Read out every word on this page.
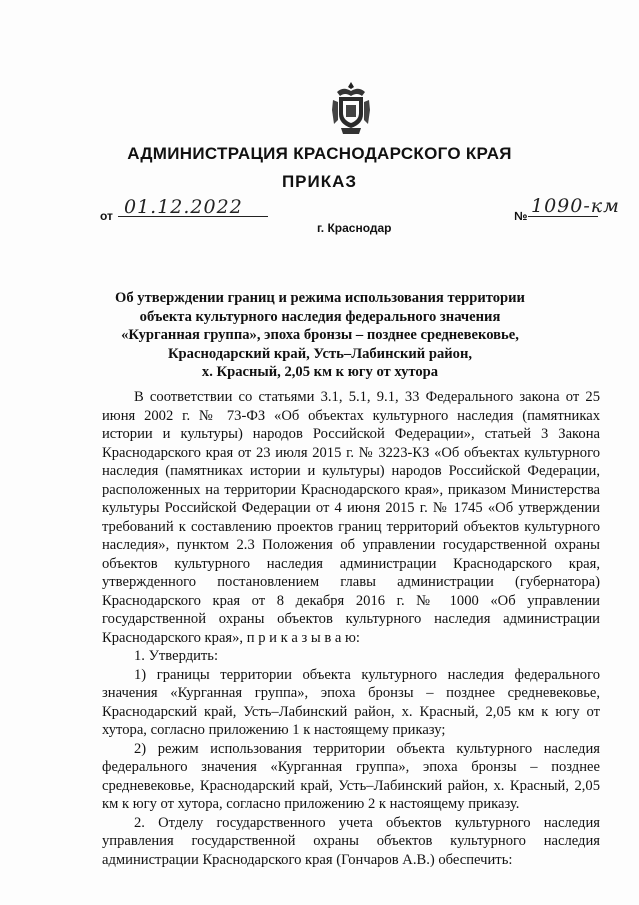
АДМИНИСТРАЦИЯ КРАСНОДАРСКОГО КРАЯ
ПРИКАЗ
от 01.12.2022
г. Краснодар
№ 1090-км
Об утверждении границ и режима использования территории
объекта культурного наследия федерального значения
«Курганная группа», эпоха бронзы – позднее средневековье,
Краснодарский край, Усть–Лабинский район,
х. Красный, 2,05 км к югу от хутора

В соответствии со статьями 3.1, 5.1, 9.1, 33 Федерального закона от 25 июня 2002 г. № 73-ФЗ «Об объектах культурного наследия (памятниках истории и культуры) народов Российской Федерации», статьей 3 Закона Краснодарского края от 23 июля 2015 г. № 3223-КЗ «Об объектах культурного наследия (памятниках истории и культуры) народов Российской Федерации, расположенных на территории Краснодарского края», приказом Министерства культуры Российской Федерации от 4 июня 2015 г. № 1745 «Об утверждении требований к составлению проектов границ территорий объектов культурного наследия», пунктом 2.3 Положения об управлении государственной охраны объектов культурного наследия администрации Краснодарского края, утвержденного постановлением главы администрации (губернатора) Краснодарского края от 8 декабря 2016 г. № 1000 «Об управлении государственной охраны объектов культурного наследия администрации Краснодарского края», п р и к а з ы в а ю:

1. Утвердить:

1) границы территории объекта культурного наследия федерального значения «Курганная группа», эпоха бронзы – позднее средневековье, Краснодарский край, Усть–Лабинский район, х. Красный, 2,05 км к югу от хутора, согласно приложению 1 к настоящему приказу;

2) режим использования территории объекта культурного наследия федерального значения «Курганная группа», эпоха бронзы – позднее средневековье, Краснодарский край, Усть–Лабинский район, х. Красный, 2,05 км к югу от хутора, согласно приложению 2 к настоящему приказу.

2. Отделу государственного учета объектов культурного наследия управления государственной охраны объектов культурного наследия администрации Краснодарского края (Гончаров А.В.) обеспечить:
